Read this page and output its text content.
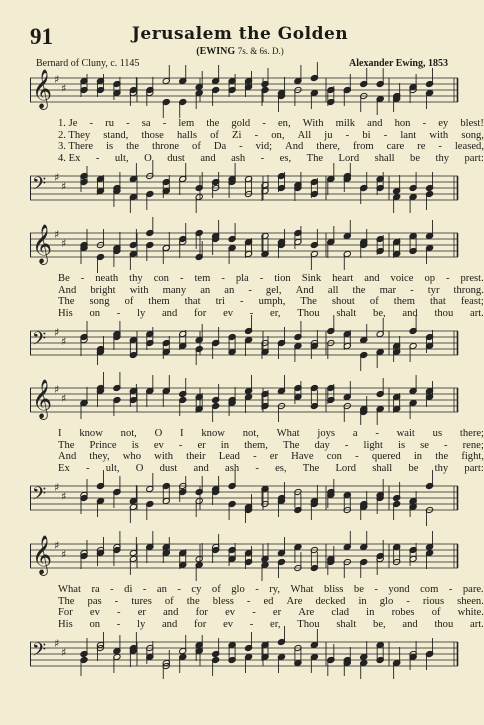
91	Jerusalem the Golden
(EWING 7s. & 6s. D.)
Bernard of Cluny, c. 1145	Alexander Ewing, 1853
𝄞 ♯
♯
1. Je - ru - sa - lem the gold - en, With milk and hon - ey blest!
2. They stand, those halls of Zi - on, All ju - bi - lant with song,
3. There is the throne of Da - vid; And there, from care re - leased,
4. Ex - ult, O dust and ash - es, The Lord shall be thy part:
𝄢 ♯
♯
𝄞 ♯
♯
Be - neath thy con - tem - pla - tion Sink heart and voice op - prest.
And bright with many an an - gel, And all the mar - tyr throng.
The song of them that tri - umph, The shout of them that feast;
His on - ly and for ev - er, Thou shalt be, and thou art.
𝄢 ♯
♯
𝄞 ♯
♯
I know not, O I know not, What joys a - wait us there;
The Prince is ev - er in them, The day - light is se - rene;
And they, who with their Lead - er Have con - quered in the fight,
Ex - ult, O dust and ash - es, The Lord shall be thy part:
𝄢 ♯
♯
𝄞 ♯
♯
What ra - di - an - cy of glo - ry, What bliss be - yond com - pare.
The pas - tures of the bless - ed Are decked in glo - rious sheen.
For ev - er and for ev - er Are clad in robes of white.
His on - ly and for ev - er, Thou shalt be, and thou art.
𝄢 ♯
♯
